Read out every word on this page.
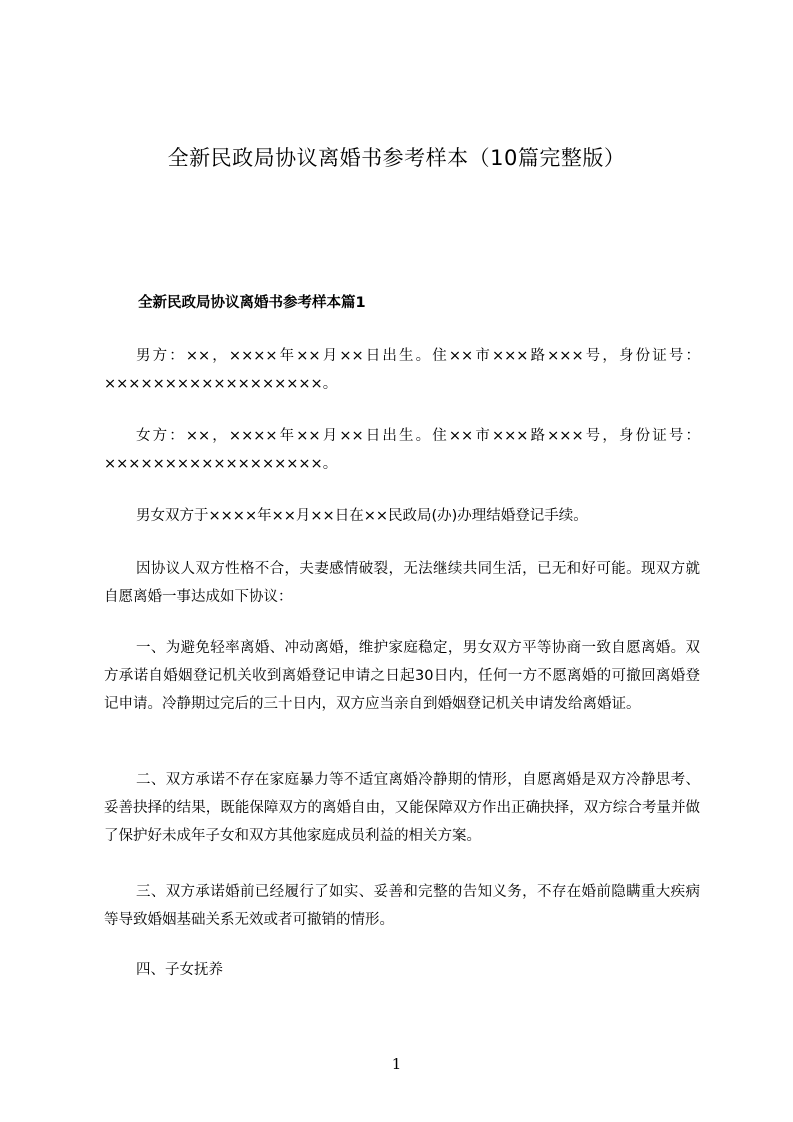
全新民政局协议离婚书参考样本（10篇完整版）
全新民政局协议离婚书参考样本篇1
男方：××，××××年××月××日出生。住××市×××路×××号，身份证号：××××××××××××××××××。
女方：××，××××年××月××日出生。住××市×××路×××号，身份证号：××××××××××××××××××。
男女双方于××××年××月××日在××民政局(办)办理结婚登记手续。
因协议人双方性格不合，夫妻感情破裂，无法继续共同生活，已无和好可能。现双方就自愿离婚一事达成如下协议：
一、为避免轻率离婚、冲动离婚，维护家庭稳定，男女双方平等协商一致自愿离婚。双方承诺自婚姻登记机关收到离婚登记申请之日起30日内，任何一方不愿离婚的可撤回离婚登记申请。冷静期过完后的三十日内，双方应当亲自到婚姻登记机关申请发给离婚证。
二、双方承诺不存在家庭暴力等不适宜离婚冷静期的情形，自愿离婚是双方冷静思考、妥善抉择的结果，既能保障双方的离婚自由，又能保障双方作出正确抉择，双方综合考量并做了保护好未成年子女和双方其他家庭成员利益的相关方案。
三、双方承诺婚前已经履行了如实、妥善和完整的告知义务，不存在婚前隐瞒重大疾病等导致婚姻基础关系无效或者可撤销的情形。
四、子女抚养
1
